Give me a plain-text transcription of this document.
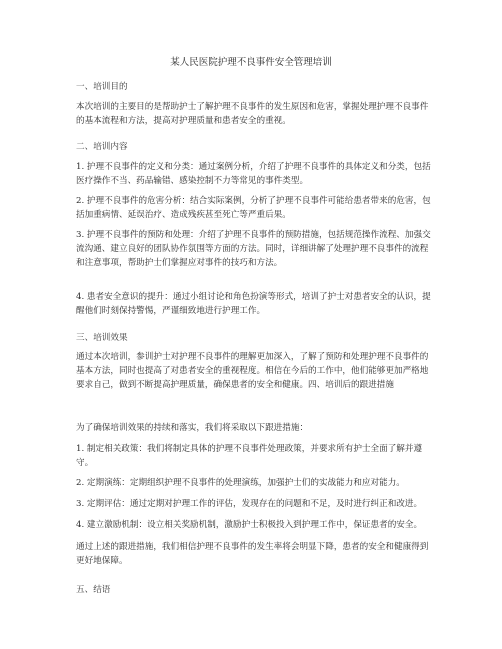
某人民医院护理不良事件安全管理培训
一、培训目的
本次培训的主要目的是帮助护士了解护理不良事件的发生原因和危害，掌握处理护理不良事件的基本流程和方法，提高对护理质量和患者安全的重视。
二、培训内容
1. 护理不良事件的定义和分类：通过案例分析，介绍了护理不良事件的具体定义和分类，包括医疗操作不当、药品输错、感染控制不力等常见的事件类型。
2. 护理不良事件的危害分析：结合实际案例，分析了护理不良事件可能给患者带来的危害，包括加重病情、延误治疗、造成残疾甚至死亡等严重后果。
3. 护理不良事件的预防和处理：介绍了护理不良事件的预防措施，包括规范操作流程、加强交流沟通、建立良好的团队协作氛围等方面的方法。同时，详细讲解了处理护理不良事件的流程和注意事项，帮助护士们掌握应对事件的技巧和方法。
4. 患者安全意识的提升：通过小组讨论和角色扮演等形式，培训了护士对患者安全的认识，提醒他们时刻保持警惕，严谨细致地进行护理工作。
三、培训效果
通过本次培训，参训护士对护理不良事件的理解更加深入，了解了预防和处理护理不良事件的基本方法，同时也提高了对患者安全的重视程度。相信在今后的工作中，他们能够更加严格地要求自己，做到不断提高护理质量，确保患者的安全和健康。四、培训后的跟进措施
为了确保培训效果的持续和落实，我们将采取以下跟进措施：
1. 制定相关政策：我们将制定具体的护理不良事件处理政策，并要求所有护士全面了解并遵守。
2. 定期演练：定期组织护理不良事件的处理演练，加强护士们的实战能力和应对能力。
3. 定期评估：通过定期对护理工作的评估，发现存在的问题和不足，及时进行纠正和改进。
4. 建立激励机制：设立相关奖励机制，激励护士积极投入到护理工作中，保证患者的安全。
通过上述的跟进措施，我们相信护理不良事件的发生率将会明显下降，患者的安全和健康得到更好地保障。
五、结语
